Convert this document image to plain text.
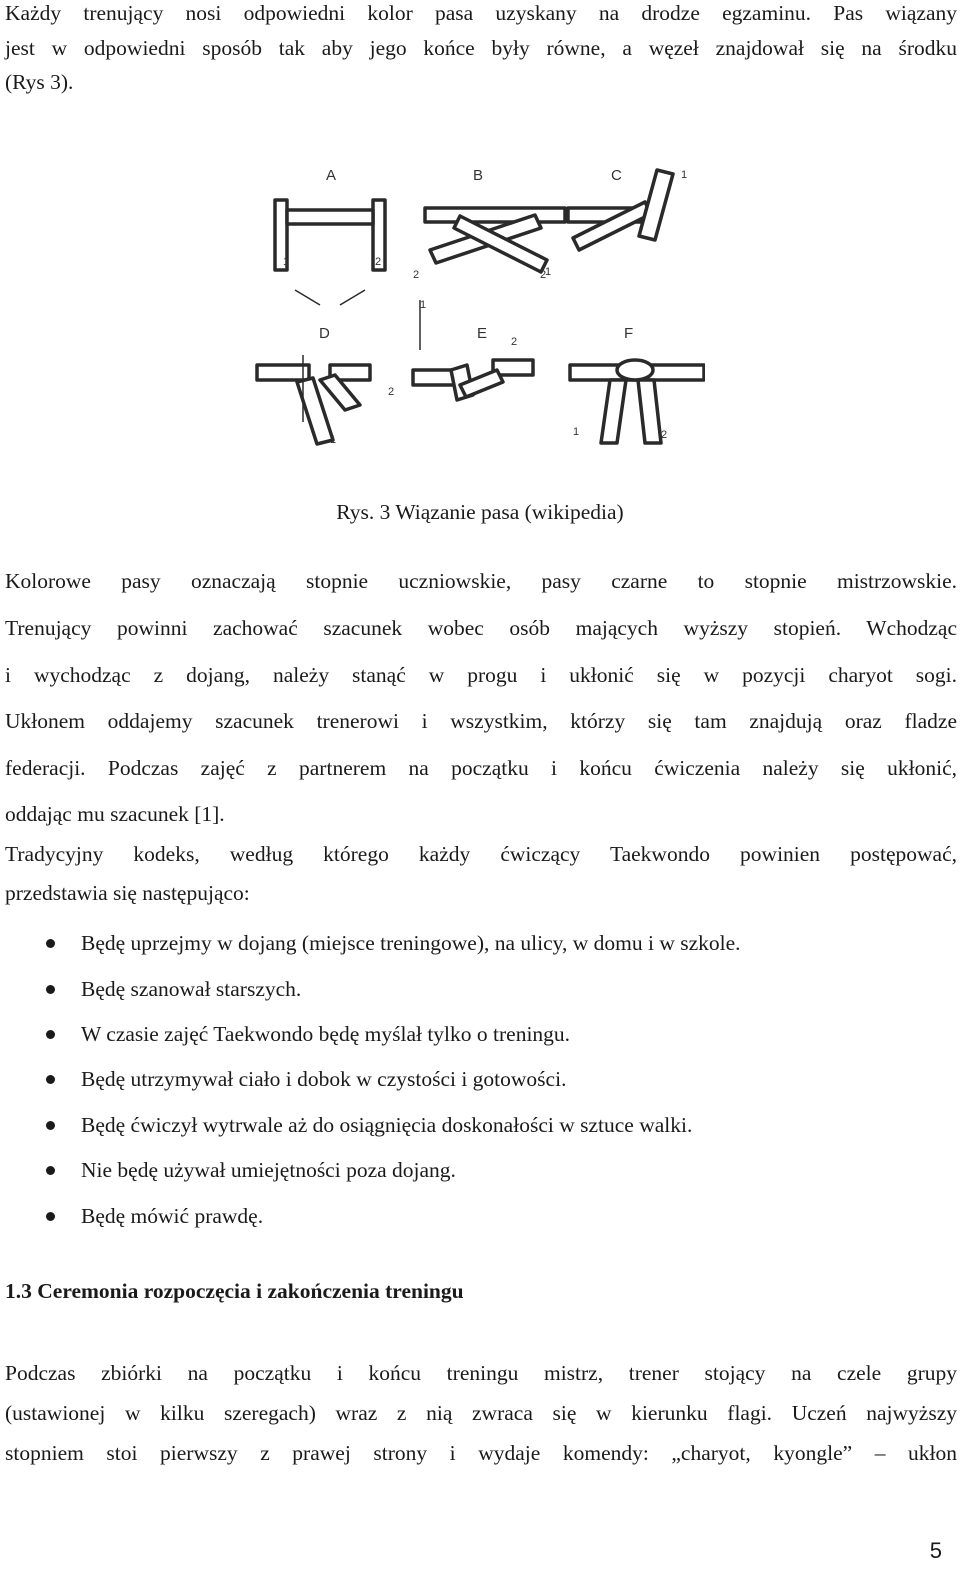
Każdy trenujący nosi odpowiedni kolor pasa uzyskany na drodze egzaminu. Pas wiązany
jest w odpowiedni sposób tak aby jego końce były równe, a węzeł znajdował się na środku
(Rys 3).
A	B	C
D	E	F
1	2
2	1
2
1
2
1
1
2
1	2
Rys. 3 Wiązanie pasa (wikipedia)
Kolorowe pasy oznaczają stopnie uczniowskie, pasy czarne to stopnie mistrzowskie.
Trenujący powinni zachować szacunek wobec osób mających wyższy stopień. Wchodząc
i wychodząc z dojang, należy stanąć w progu i ukłonić się w pozycji charyot sogi.
Ukłonem oddajemy szacunek trenerowi i wszystkim, którzy się tam znajdują oraz fladze
federacji. Podczas zajęć z partnerem na początku i końcu ćwiczenia należy się ukłonić,
oddając mu szacunek [1].
Tradycyjny kodeks, według którego każdy ćwiczący Taekwondo powinien postępować,
przedstawia się następująco:
Będę uprzejmy w dojang (miejsce treningowe), na ulicy, w domu i w szkole.
Będę szanował starszych.
W czasie zajęć Taekwondo będę myślał tylko o treningu.
Będę utrzymywał ciało i dobok w czystości i gotowości.
Będę ćwiczył wytrwale aż do osiągnięcia doskonałości w sztuce walki.
Nie będę używał umiejętności poza dojang.
Będę mówić prawdę.
1.3 Ceremonia rozpoczęcia i zakończenia treningu
Podczas zbiórki na początku i końcu treningu mistrz, trener stojący na czele grupy
(ustawionej w kilku szeregach) wraz z nią zwraca się w kierunku flagi. Uczeń najwyższy
stopniem stoi pierwszy z prawej strony i wydaje komendy: „charyot, kyongle” – ukłon
5
